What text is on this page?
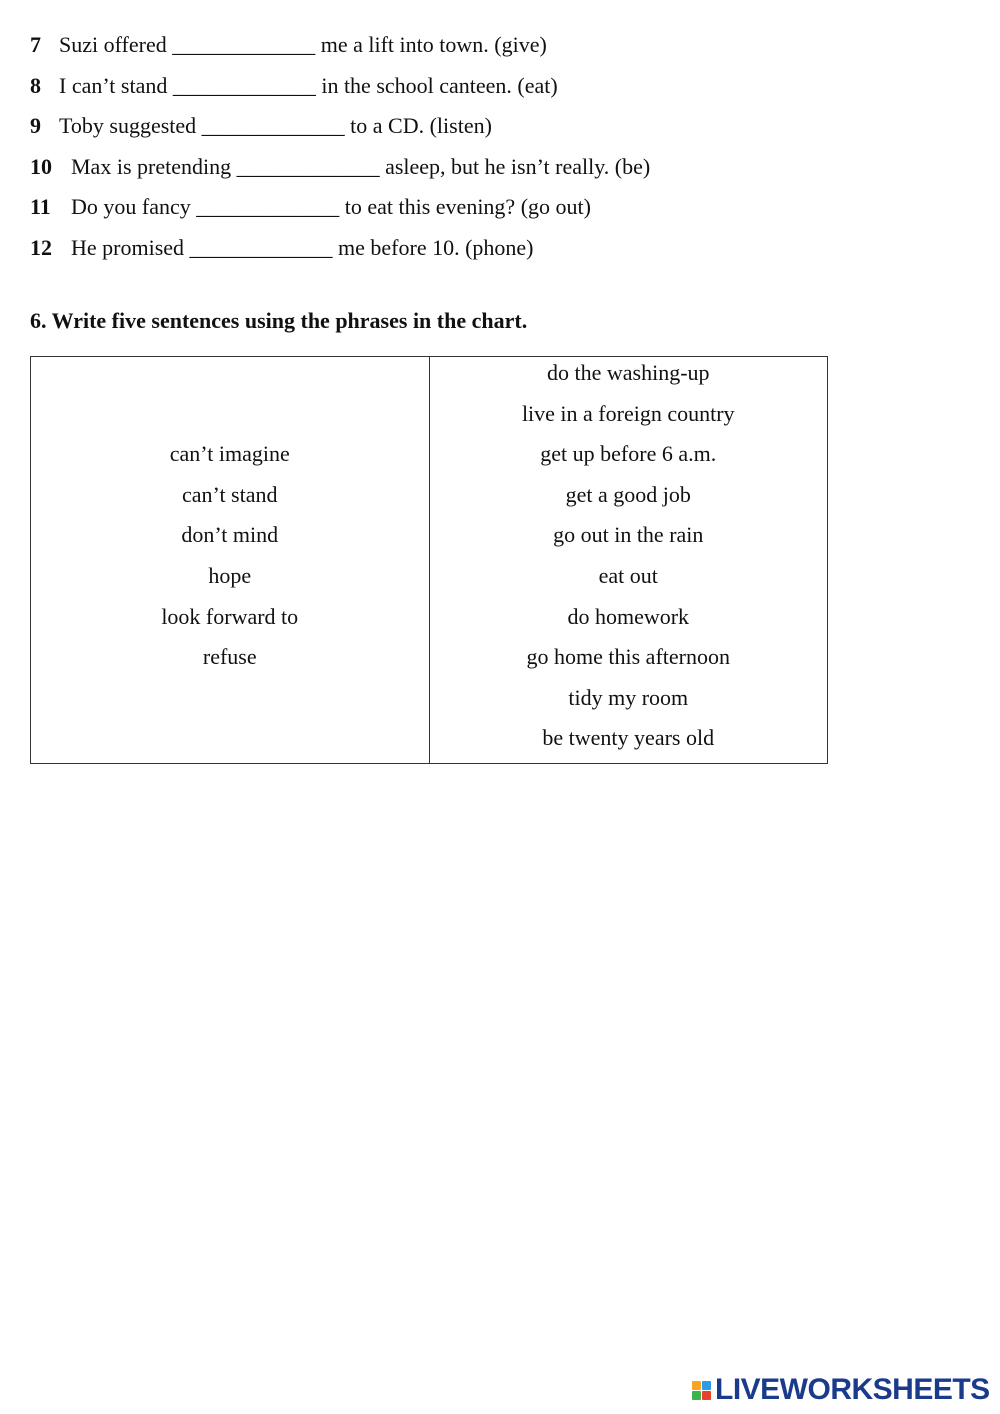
7 Suzi offered _____________ me a lift into town. (give)
8 I can’t stand _____________ in the school canteen. (eat)
9 Toby suggested _____________ to a CD. (listen)
10 Max is pretending _____________ asleep, but he isn’t really. (be)
11 Do you fancy _____________ to eat this evening? (go out)
12 He promised _____________ me before 10. (phone)
6. Write five sentences using the phrases in the chart.
can’t imagine
can’t stand
don’t mind
hope
look forward to
refuse

do the washing-up
live in a foreign country
get up before 6 a.m.
get a good job
go out in the rain
eat out
do homework
go home this afternoon
tidy my room
be twenty years old
LIVEWORKSHEETS
